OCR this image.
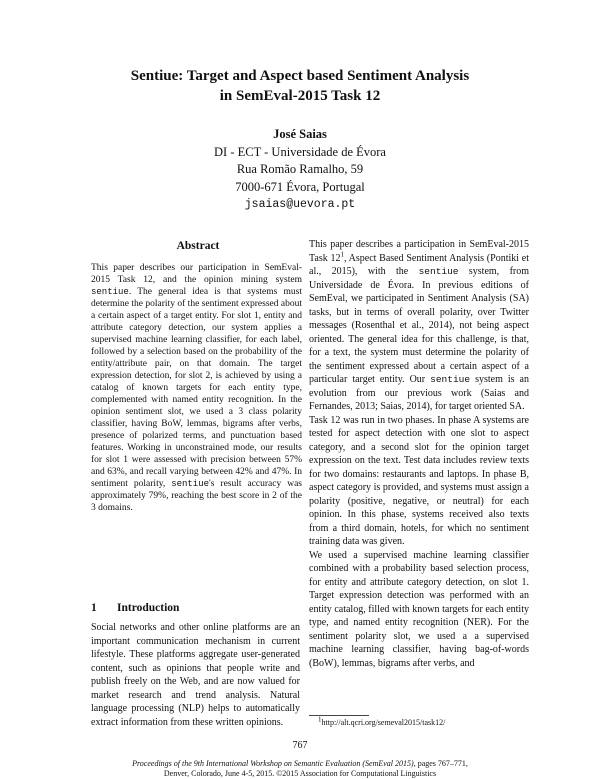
Sentiue: Target and Aspect based Sentiment Analysis
in SemEval-2015 Task 12
José Saias
DI - ECT - Universidade de Évora
Rua Romão Ramalho, 59
7000-671 Évora, Portugal
jsaias@uevora.pt
Abstract

This paper describes our participation in SemEval-2015 Task 12, and the opinion mining system sentiue. The general idea is that systems must determine the polarity of the sentiment expressed about a certain aspect of a target entity. For slot 1, entity and attribute category detection, our system applies a supervised machine learning classifier, for each label, followed by a selection based on the probability of the entity/attribute pair, on that domain. The target expression detection, for slot 2, is achieved by using a catalog of known targets for each entity type, complemented with named entity recognition. In the opinion sentiment slot, we used a 3 class polarity classifier, having BoW, lemmas, bigrams after verbs, presence of polarized terms, and punctuation based features. Working in unconstrained mode, our results for slot 1 were assessed with precision between 57% and 63%, and recall varying between 42% and 47%. In sentiment polarity, sentiue's result accuracy was approximately 79%, reaching the best score in 2 of the 3 domains.

1 Introduction

Social networks and other online platforms are an important communication mechanism in current lifestyle. These platforms aggregate user-generated content, such as opinions that people write and publish freely on the Web, and are now valued for market research and trend analysis. Natural language processing (NLP) helps to automatically extract information from these written opinions.

This paper describes a participation in SemEval-2015 Task $12^1$, Aspect Based Sentiment Analysis (Pontiki et al., 2015), with the sentiue system, from Universidade de Évora. In previous editions of SemEval, we participated in Sentiment Analysis (SA) tasks, but in terms of overall polarity, over Twitter messages (Rosenthal et al., 2014), not being aspect oriented. The general idea for this challenge, is that, for a text, the system must determine the polarity of the sentiment expressed about a certain aspect of a particular target entity. Our sentiue system is an evolution from our previous work (Saias and Fernandes, 2013; Saias, 2014), for target oriented SA.

Task 12 was run in two phases. In phase A systems are tested for aspect detection with one slot to aspect category, and a second slot for the opinion target expression on the text. Test data includes review texts for two domains: restaurants and laptops. In phase B, aspect category is provided, and systems must assign a polarity (positive, negative, or neutral) for each opinion. In this phase, systems received also texts from a third domain, hotels, for which no sentiment training data was given.

We used a supervised machine learning classifier combined with a probability based selection process, for entity and attribute category detection, on slot 1. Target expression detection was performed with an entity catalog, filled with known targets for each entity type, and named entity recognition (NER). For the sentiment polarity slot, we used a a supervised machine learning classifier, having bag-of-words (BoW), lemmas, bigrams after verbs, and

$^1$http://alt.qcri.org/semeval2015/task12/
767
Proceedings of the 9th International Workshop on Semantic Evaluation (SemEval 2015), pages 767–771,
Denver, Colorado, June 4-5, 2015. ©2015 Association for Computational Linguistics
